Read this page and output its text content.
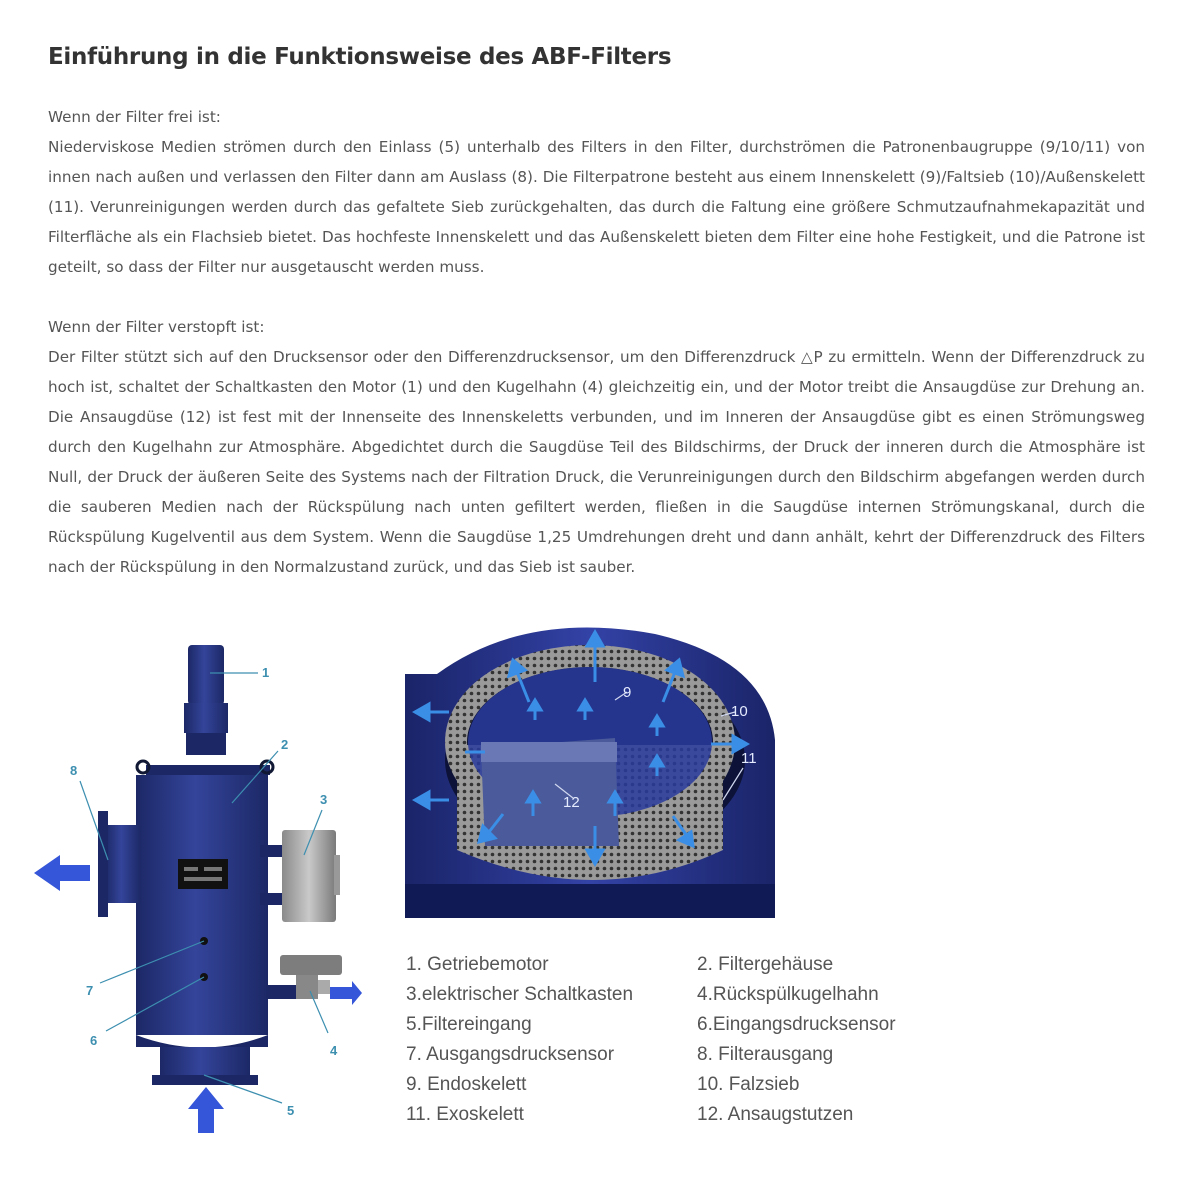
Einführung in die Funktionsweise des ABF-Filters

Wenn der Filter frei ist:

Niederviskose Medien strömen durch den Einlass (5) unterhalb des Filters in den Filter, durchströmen die Patronenbaugruppe (9/10/11) von innen nach außen und verlassen den Filter dann am Auslass (8). Die Filterpatrone besteht aus einem Innenskelett (9)/Faltsieb (10)/Außenskelett (11). Verunreinigungen werden durch das gefaltete Sieb zurückgehalten, das durch die Faltung eine größere Schmutzaufnahmekapazität und Filterfläche als ein Flachsieb bietet. Das hochfeste Innenskelett und das Außenskelett bieten dem Filter eine hohe Festigkeit, und die Patrone ist geteilt, so dass der Filter nur ausgetauscht werden muss.

Wenn der Filter verstopft ist:

Der Filter stützt sich auf den Drucksensor oder den Differenzdrucksensor, um den Differenzdruck △P zu ermitteln. Wenn der Differenzdruck zu hoch ist, schaltet der Schaltkasten den Motor (1) und den Kugelhahn (4) gleichzeitig ein, und der Motor treibt die Ansaugdüse zur Drehung an. Die Ansaugdüse (12) ist fest mit der Innenseite des Innenskeletts verbunden, und im Inneren der Ansaugdüse gibt es einen Strömungsweg durch den Kugelhahn zur Atmosphäre. Abgedichtet durch die Saugdüse Teil des Bildschirms, der Druck der inneren durch die Atmosphäre ist Null, der Druck der äußeren Seite des Systems nach der Filtration Druck, die Verunreinigungen durch den Bildschirm abgefangen werden durch die sauberen Medien nach der Rückspülung nach unten gefiltert werden, fließen in die Saugdüse internen Strömungskanal, durch die Rückspülung Kugelventil aus dem System. Wenn die Saugdüse 1,25 Umdrehungen dreht und dann anhält, kehrt der Differenzdruck des Filters nach der Rückspülung in den Normalzustand zurück, und das Sieb ist sauber.

1
2
3
4
5
6
7
8
9
10
11
12
1. Getriebemotor	2. Filtergehäuse
3.elektrischer Schaltkasten	4.Rückspülkugelhahn
5.Filtereingang	6.Eingangsdrucksensor
7. Ausgangsdrucksensor	8. Filterausgang
9. Endoskelett	10. Falzsieb
11. Exoskelett	12. Ansaugstutzen
